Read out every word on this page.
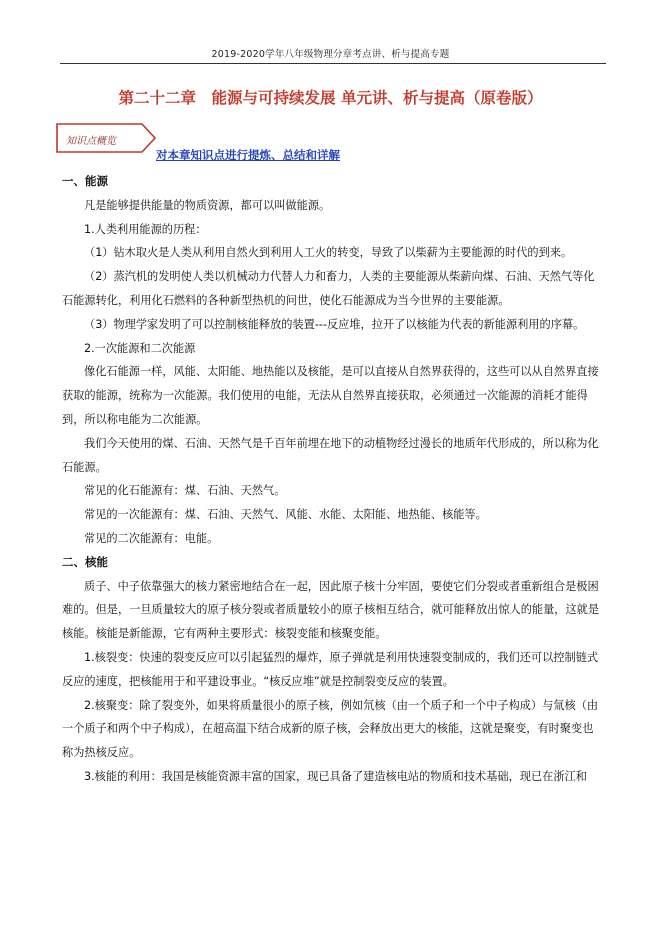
2019-2020学年八年级物理分章考点讲、析与提高专题
第二十二章　能源与可持续发展 单元讲、析与提高（原卷版）
知识点概览
对本章知识点进行提炼、总结和详解

一、能源

凡是能够提供能量的物质资源，都可以叫做能源。

1.人类利用能源的历程：

（1）钻木取火是人类从利用自然火到利用人工火的转变，导致了以柴薪为主要能源的时代的到来。

（2）蒸汽机的发明使人类以机械动力代替人力和畜力，人类的主要能源从柴薪向煤、石油、天然气等化石能源转化，利用化石燃料的各种新型热机的问世，使化石能源成为当今世界的主要能源。

（3）物理学家发明了可以控制核能释放的装置---反应堆，拉开了以核能为代表的新能源利用的序幕。

2.一次能源和二次能源

像化石能源一样，风能、太阳能、地热能以及核能，是可以直接从自然界获得的，这些可以从自然界直接获取的能源，统称为一次能源。我们使用的电能，无法从自然界直接获取，必须通过一次能源的消耗才能得到，所以称电能为二次能源。

我们今天使用的煤、石油、天然气是千百年前埋在地下的动植物经过漫长的地质年代形成的，所以称为化石能源。

常见的化石能源有：煤、石油、天然气。

常见的一次能源有：煤、石油、天然气、风能、水能、太阳能、地热能、核能等。

常见的二次能源有：电能。

二、核能

质子、中子依靠强大的核力紧密地结合在一起，因此原子核十分牢固，要使它们分裂或者重新组合是极困难的。但是，一旦质量较大的原子核分裂或者质量较小的原子核相互结合，就可能释放出惊人的能量，这就是核能。核能是新能源，它有两种主要形式：核裂变能和核聚变能。

1.核裂变：快速的裂变反应可以引起猛烈的爆炸，原子弹就是利用快速裂变制成的，我们还可以控制链式反应的速度，把核能用于和平建设事业。“核反应堆”就是控制裂变反应的装置。

2.核聚变：除了裂变外，如果将质量很小的原子核，例如氘核（由一个质子和一个中子构成）与氚核（由一个质子和两个中子构成），在超高温下结合成新的原子核，会释放出更大的核能，这就是聚变，有时聚变也称为热核反应。

3.核能的利用：我国是核能资源丰富的国家，现已具备了建造核电站的物质和技术基础，现已在浙江和
